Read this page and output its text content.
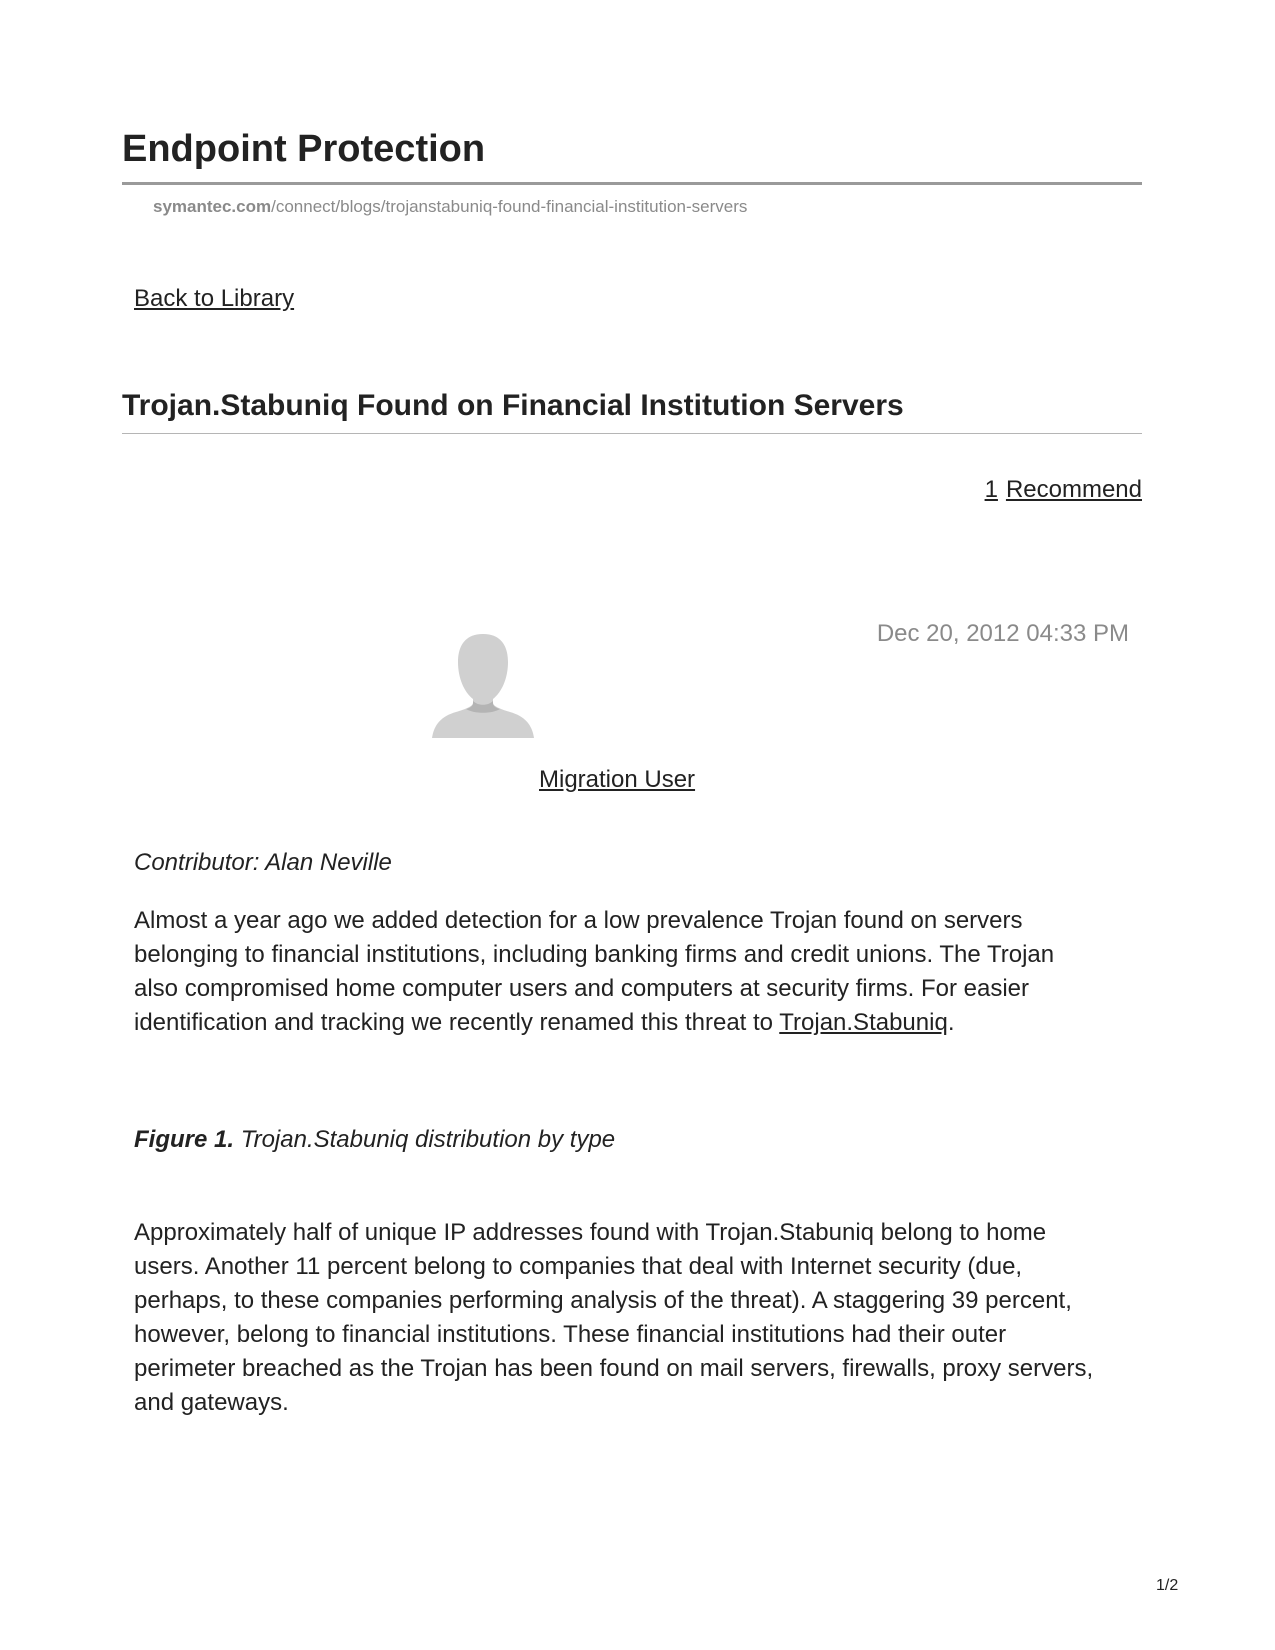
Endpoint Protection
symantec.com/connect/blogs/trojanstabuniq-found-financial-institution-servers
Back to Library
Trojan.Stabuniq Found on Financial Institution Servers
1 Recommend
Dec 20, 2012 04:33 PM
Migration User
Contributor: Alan Neville

Almost a year ago we added detection for a low prevalence Trojan found on servers
belonging to financial institutions, including banking firms and credit unions. The Trojan
also compromised home computer users and computers at security firms. For easier
identification and tracking we recently renamed this threat to Trojan.Stabuniq.

Figure 1. Trojan.Stabuniq distribution by type

Approximately half of unique IP addresses found with Trojan.Stabuniq belong to home
users. Another 11 percent belong to companies that deal with Internet security (due,
perhaps, to these companies performing analysis of the threat). A staggering 39 percent,
however, belong to financial institutions. These financial institutions had their outer
perimeter breached as the Trojan has been found on mail servers, firewalls, proxy servers,
and gateways.

1/2
